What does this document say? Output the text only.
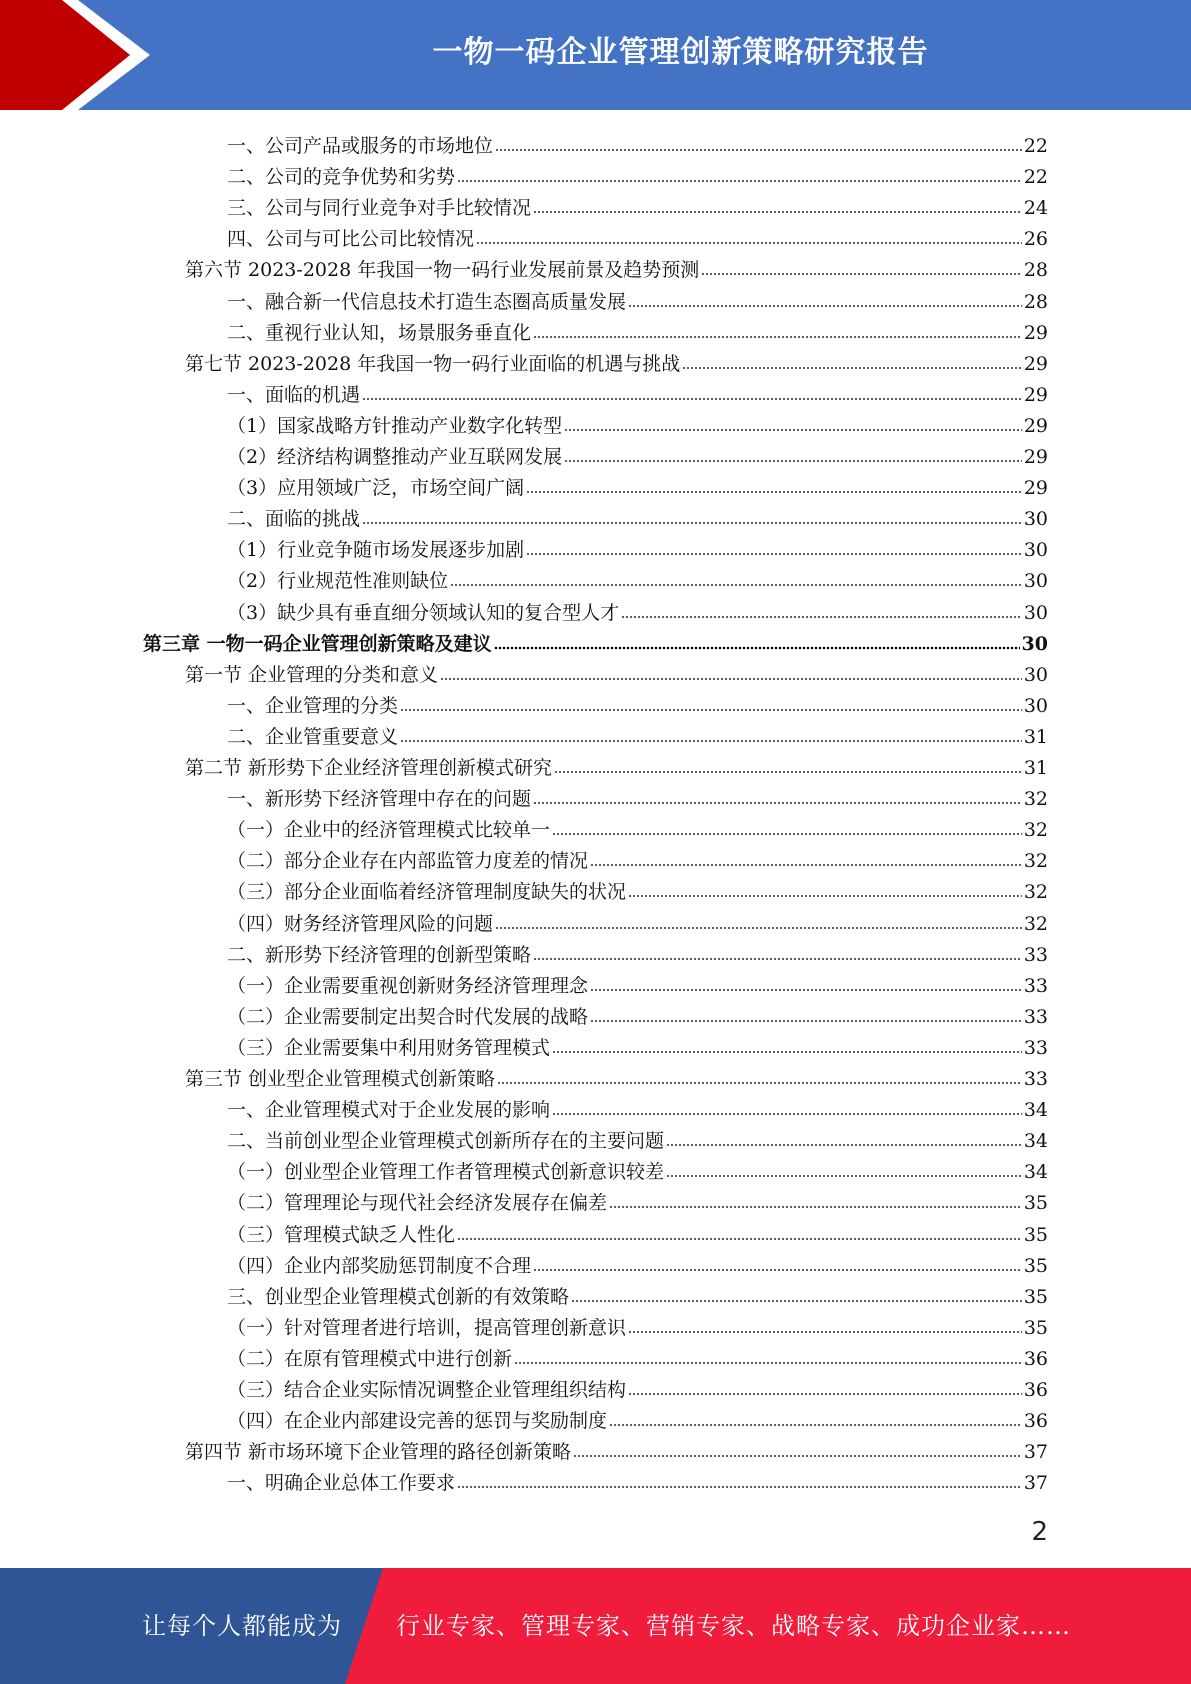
一物一码企业管理创新策略研究报告
一、公司产品或服务的市场地位	22
二、公司的竞争优势和劣势	22
三、公司与同行业竞争对手比较情况	24
四、公司与可比公司比较情况	26
第六节 2023-2028 年我国一物一码行业发展前景及趋势预测	28
一、融合新一代信息技术打造生态圈高质量发展	28
二、重视行业认知，场景服务垂直化	29
第七节 2023-2028 年我国一物一码行业面临的机遇与挑战	29
一、面临的机遇	29
（1）国家战略方针推动产业数字化转型	29
（2）经济结构调整推动产业互联网发展	29
（3）应用领域广泛，市场空间广阔	29
二、面临的挑战	30
（1）行业竞争随市场发展逐步加剧	30
（2）行业规范性准则缺位	30
（3）缺少具有垂直细分领域认知的复合型人才	30
第三章 一物一码企业管理创新策略及建议	30
第一节 企业管理的分类和意义	30
一、企业管理的分类	30
二、企业管重要意义	31
第二节 新形势下企业经济管理创新模式研究	31
一、新形势下经济管理中存在的问题	32
（一）企业中的经济管理模式比较单一	32
（二）部分企业存在内部监管力度差的情况	32
（三）部分企业面临着经济管理制度缺失的状况	32
（四）财务经济管理风险的问题	32
二、新形势下经济管理的创新型策略	33
（一）企业需要重视创新财务经济管理理念	33
（二）企业需要制定出契合时代发展的战略	33
（三）企业需要集中利用财务管理模式	33
第三节 创业型企业管理模式创新策略	33
一、企业管理模式对于企业发展的影响	34
二、当前创业型企业管理模式创新所存在的主要问题	34
（一）创业型企业管理工作者管理模式创新意识较差	34
（二）管理理论与现代社会经济发展存在偏差	35
（三）管理模式缺乏人性化	35
（四）企业内部奖励惩罚制度不合理	35
三、创业型企业管理模式创新的有效策略	35
（一）针对管理者进行培训，提高管理创新意识	35
（二）在原有管理模式中进行创新	36
（三）结合企业实际情况调整企业管理组织结构	36
（四）在企业内部建设完善的惩罚与奖励制度	36
第四节 新市场环境下企业管理的路径创新策略	37
一、明确企业总体工作要求	37
2
让每个人都能成为 行业专家、管理专家、营销专家、战略专家、成功企业家……
